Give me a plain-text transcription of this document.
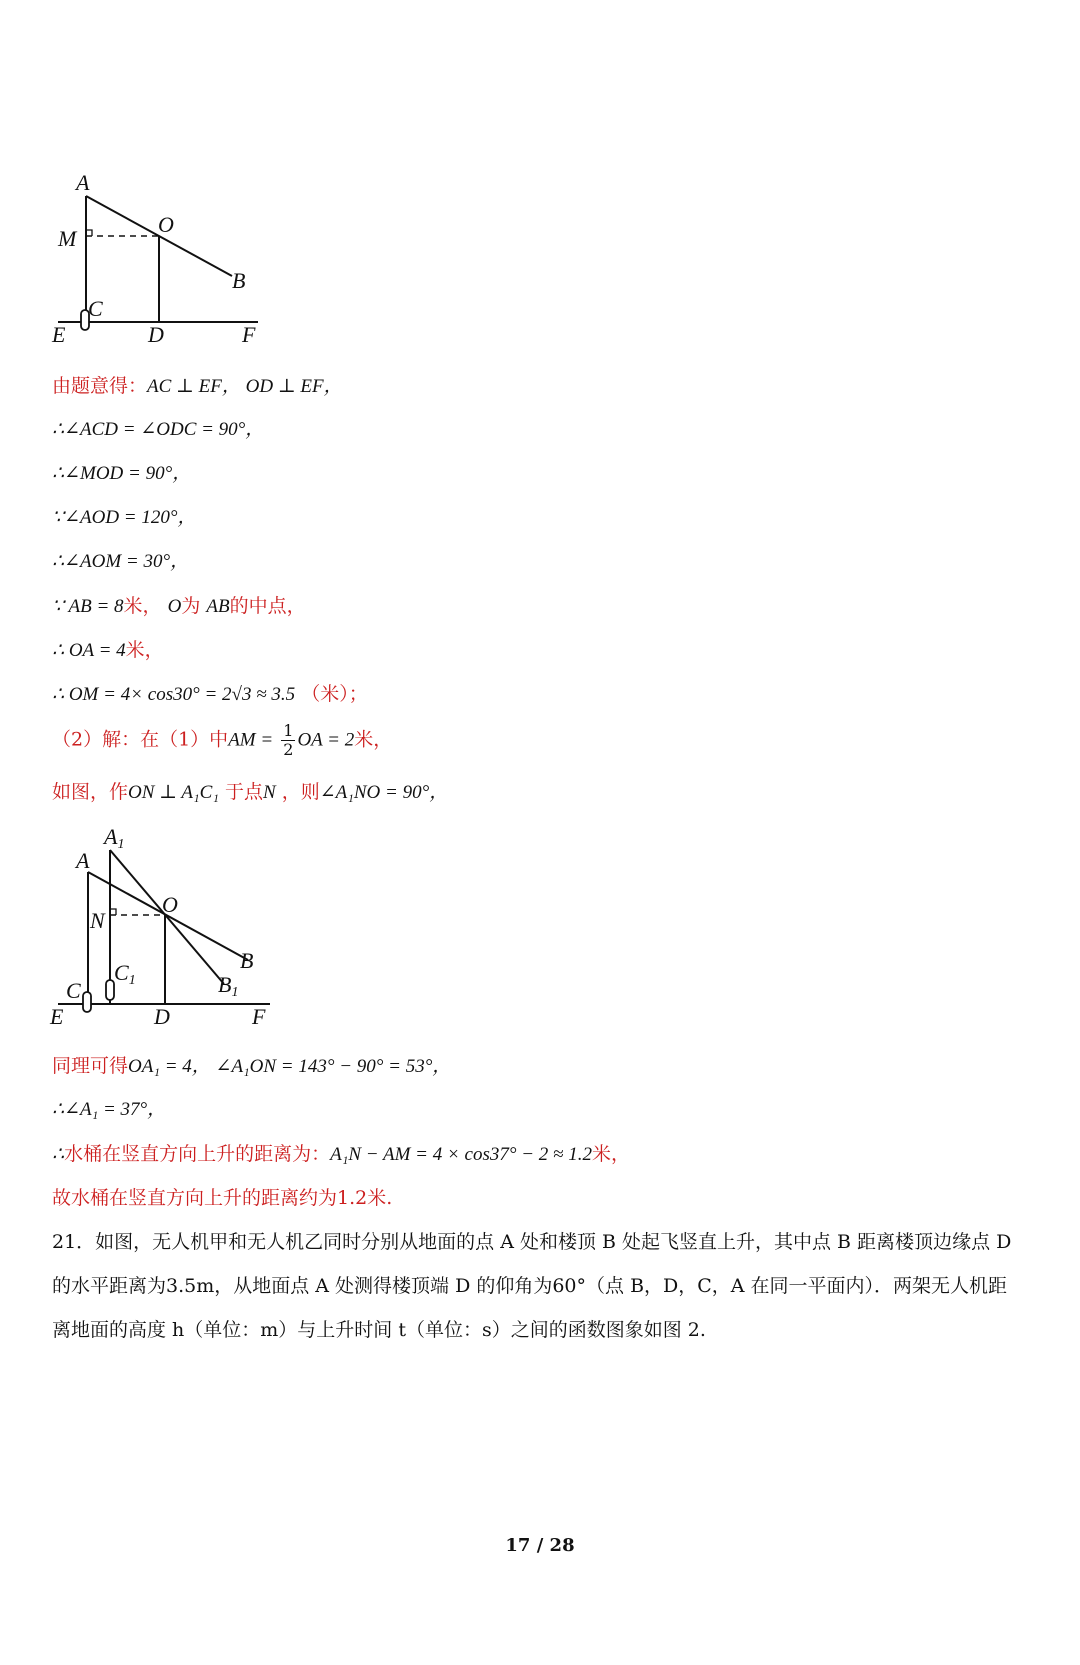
A
M
O
B
C
E	D	F
由题意得：AC ⊥ EF， OD ⊥ EF，
∴∠ACD = ∠ODC = 90°，
∴∠MOD = 90°，
∵∠AOD = 120°，
∴∠AOM = 30°，
∵ AB = 8米， O为 AB的中点，
∴ OA = 4米，
∴ OM = 4× cos30° = 2√3 ≈ 3.5 （米）；
（2）解：在（1）中AM = $\frac{1}{2}$ OA = 2米，
如图，作ON ⊥ A₁C₁ 于点N ，则∠A₁NO = 90°，
A1
A
N
O
C1
B
B1
C
E	D	F
同理可得OA₁ = 4， ∠A₁ON = 143° − 90° = 53°，
∴∠A₁ = 37°，
∴水桶在竖直方向上升的距离为：A₁N − AM = 4 × cos37° − 2 ≈ 1.2米，
故水桶在竖直方向上升的距离约为1.2米.
21．如图，无人机甲和无人机乙同时分别从地面的点 A 处和楼顶 B 处起飞竖直上升，其中点 B 距离楼顶边缘点 D 的水平距离为3.5m，从地面点 A 处测得楼顶端 D 的仰角为60°（点 B，D，C，A 在同一平面内）．两架无人机距离地面的高度 h（单位：m）与上升时间 t（单位：s）之间的函数图象如图 2.
17 / 28
